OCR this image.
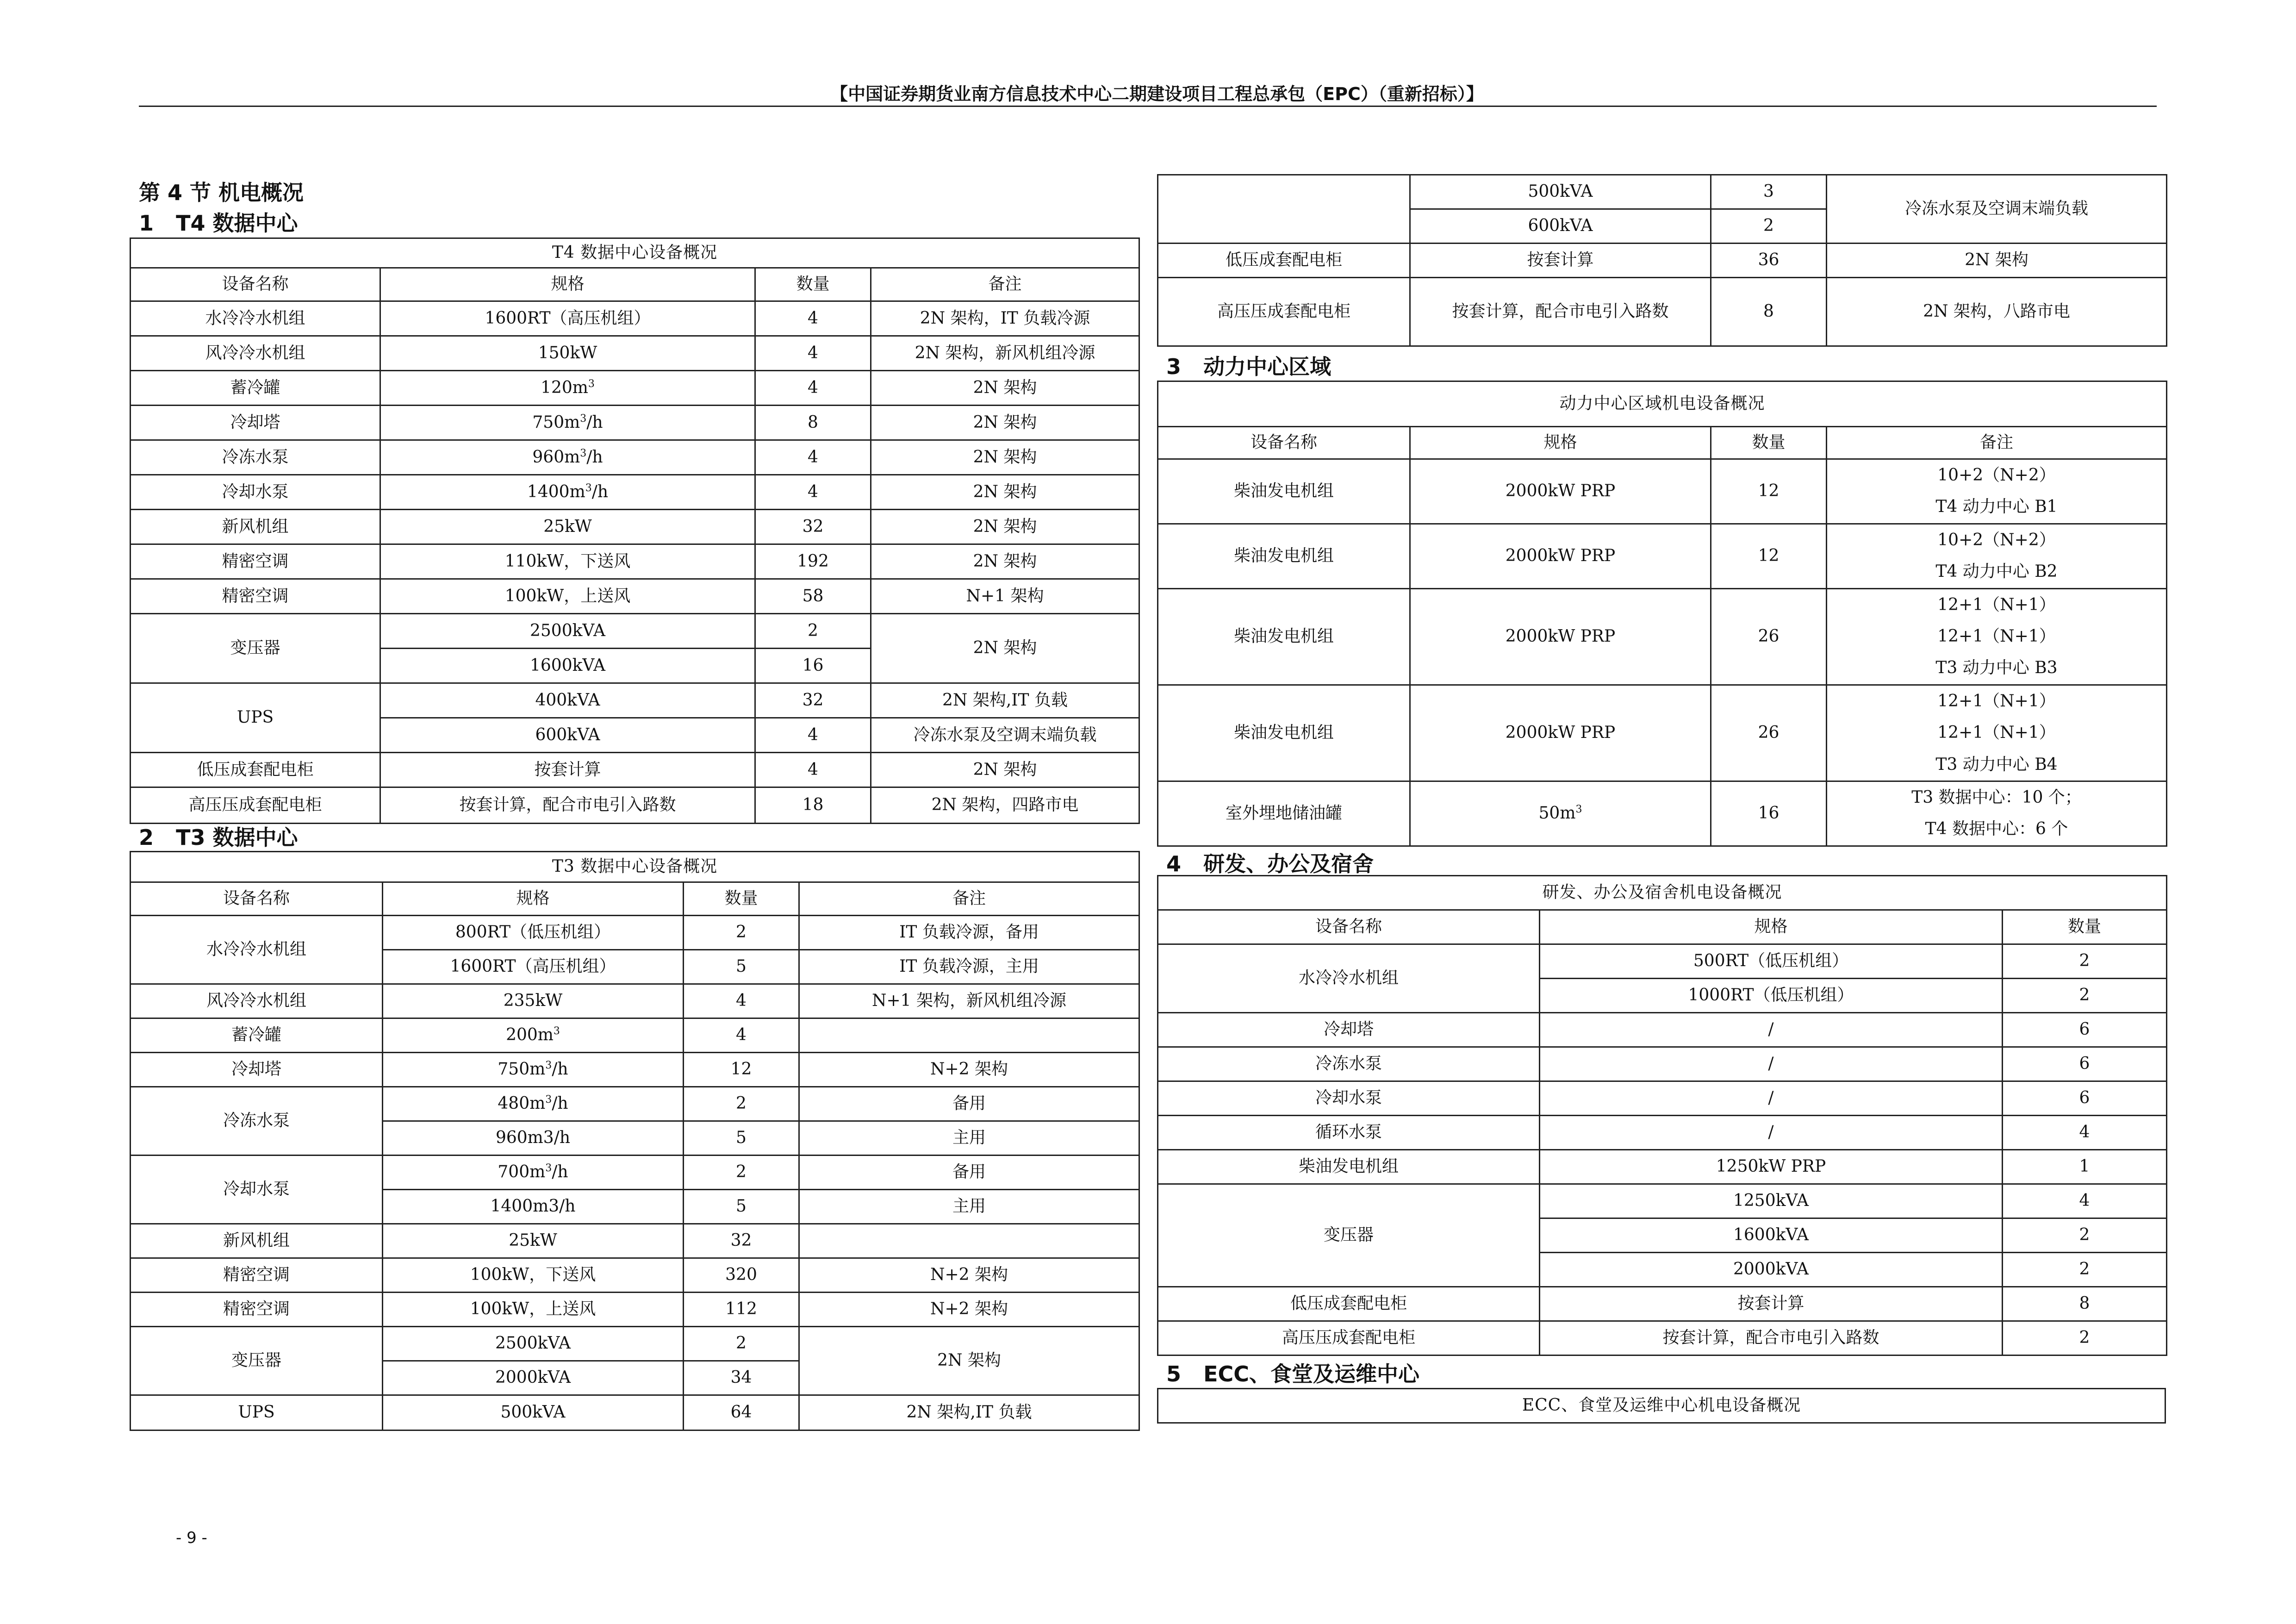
【中国证券期货业南方信息技术中心二期建设项目工程总承包（EPC）（重新招标）】
第 4 节 机电概况
1 T4 数据中心
T4 数据中心设备概况			
设备名称	规格	数量	备注
水冷冷水机组	1600RT（高压机组）	4	2N 架构，IT 负载冷源
风冷冷水机组	150kW	4	2N 架构，新风机组冷源
蓄冷罐	$120m^3$	4	2N 架构
冷却塔	$750m^3/h$	8	2N 架构
冷冻水泵	$960m^3/h$	4	2N 架构
冷却水泵	$1400m^3/h$	4	2N 架构
新风机组	25kW	32	2N 架构
精密空调	110kW，下送风	192	2N 架构
精密空调	100kW，上送风	58	N+1 架构
变压器	2500kVA	2	2N 架构
	1600kVA	16	
UPS	400kVA	32	2N 架构,IT 负载
	600kVA	4	冷冻水泵及空调末端负载
低压成套配电柜	按套计算	4	2N 架构
高压压成套配电柜	按套计算，配合市电引入路数	18	2N 架构，四路市电
2 T3 数据中心
T3 数据中心设备概况			
设备名称	规格	数量	备注
水冷冷水机组	800RT（低压机组）	2	IT 负载冷源，备用
	1600RT（高压机组）	5	IT 负载冷源，主用
风冷冷水机组	235kW	4	N+1 架构，新风机组冷源
蓄冷罐	$200m^3$	4	
冷却塔	$750m^3/h$	12	N+2 架构
冷冻水泵	$480m^3/h$	2	备用
	960m3/h	5	主用
冷却水泵	$700m^3/h$	2	备用
	1400m3/h	5	主用
新风机组	25kW	32	
精密空调	100kW，下送风	320	N+2 架构
精密空调	100kW，上送风	112	N+2 架构
变压器	2500kVA	2	2N 架构
	2000kVA	34	
UPS	500kVA	64	2N 架构,IT 负载
	500kVA	3	冷冻水泵及空调末端负载
	600kVA	2	
低压成套配电柜	按套计算	36	2N 架构
高压压成套配电柜	按套计算，配合市电引入路数	8	2N 架构，八路市电
3 动力中心区域
动力中心区域机电设备概况			
设备名称	规格	数量	备注
柴油发电机组	2000kW PRP	12	10+2（N+2）
T4 动力中心 B1

柴油发电机组	2000kW PRP	12	10+2（N+2）
T4 动力中心 B2

柴油发电机组	2000kW PRP	26	12+1（N+1）
12+1（N+1）
T3 动力中心 B3

柴油发电机组	2000kW PRP	26	12+1（N+1）
12+1（N+1）
T3 动力中心 B4

室外埋地储油罐	$50m^3$	16	T3 数据中心：10 个；
T4 数据中心：6 个
4 研发、办公及宿舍
研发、办公及宿舍机电设备概况		
设备名称	规格	数量
水冷冷水机组	500RT（低压机组）	2
	1000RT（低压机组）	2
冷却塔	/	6
冷冻水泵	/	6
冷却水泵	/	6
循环水泵	/	4
柴油发电机组	1250kW PRP	1
变压器	1250kVA	4
	1600kVA	2
	2000kVA	2
低压成套配电柜	按套计算	8
高压压成套配电柜	按套计算，配合市电引入路数	2
5 ECC、食堂及运维中心
ECC、食堂及运维中心机电设备概况
- 9 -
